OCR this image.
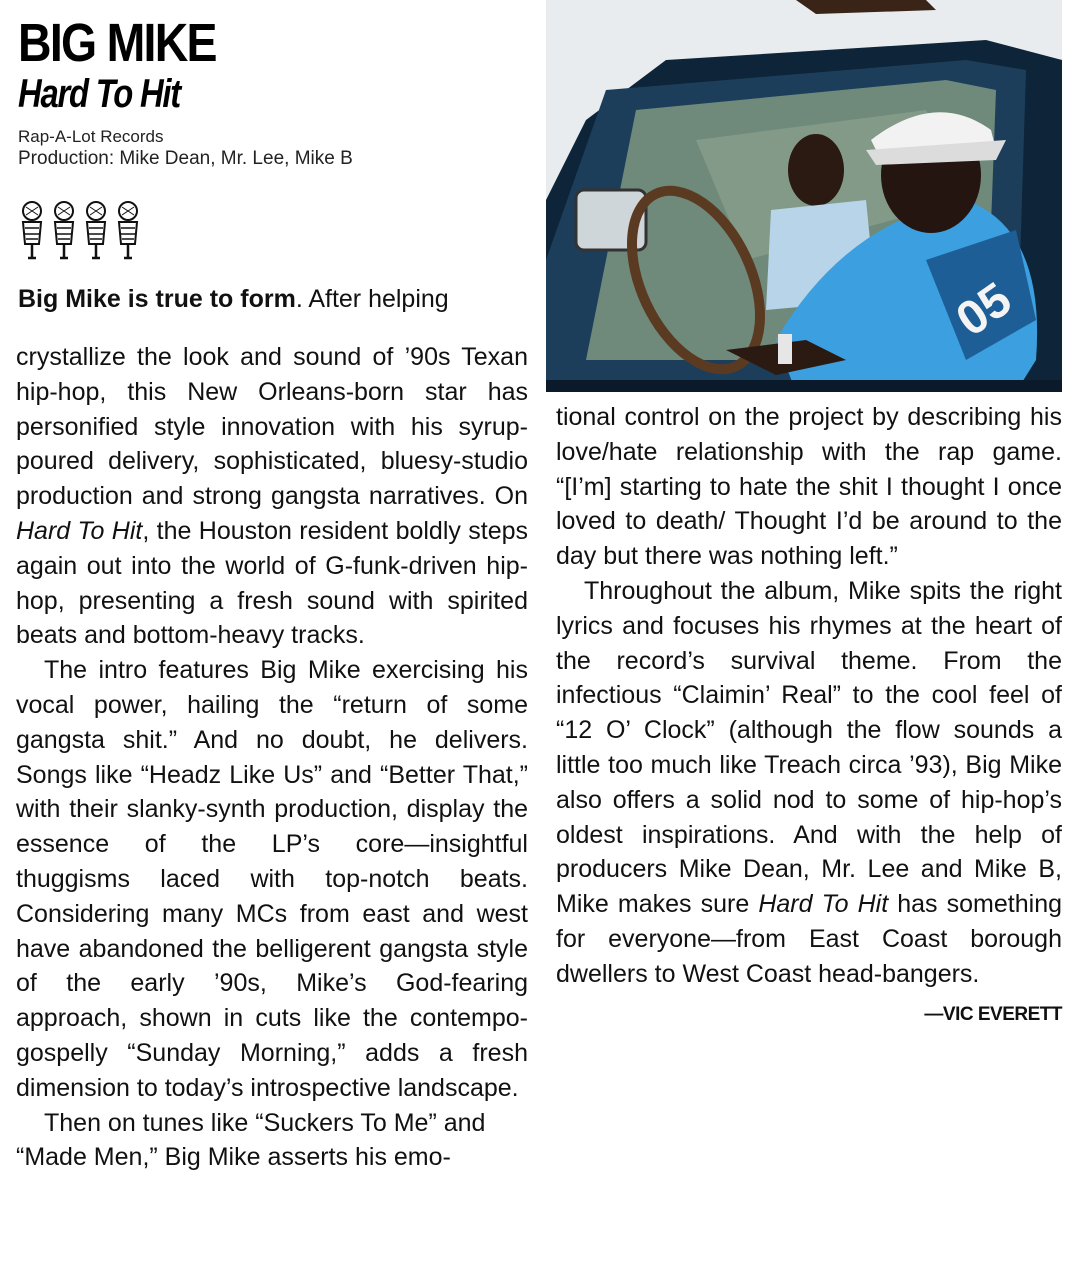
BIG MIKE
Hard To Hit
Rap-A-Lot Records
Production: Mike Dean, Mr. Lee, Mike B

Big Mike is true to form. After helping

crystallize the look and sound of ’90s Texan hip-hop, this New Orleans-born star has personified style innovation with his syrup-poured delivery, sophisticated, bluesy-studio production and strong gangsta narratives. On Hard To Hit, the Houston resident boldly steps again out into the world of G-funk-driven hip-hop, presenting a fresh sound with spirited beats and bottom-heavy tracks.

The intro features Big Mike exercising his vocal power, hailing the “return of some gangsta shit.” And no doubt, he delivers. Songs like “Headz Like Us” and “Better That,” with their slanky-synth production, display the essence of the LP’s core—insightful thuggisms laced with top-notch beats. Considering many MCs from east and west have abandoned the belligerent gangsta style of the early ’90s, Mike’s God-fearing approach, shown in cuts like the contempo-gospelly “Sunday Morning,” adds a fresh dimension to today’s introspective landscape.

Then on tunes like “Suckers To Me” and “Made Men,” Big Mike asserts his emo-

05

tional control on the project by describing his love/hate relationship with the rap game. “[I’m] starting to hate the shit I thought I once loved to death/ Thought I’d be around to the day but there was nothing left.”

Throughout the album, Mike spits the right lyrics and focuses his rhymes at the heart of the record’s survival theme. From the infectious “Claimin’ Real” to the cool feel of “12 O’ Clock” (although the flow sounds a little too much like Treach circa ’93), Big Mike also offers a solid nod to some of hip-hop’s oldest inspirations. And with the help of producers Mike Dean, Mr. Lee and Mike B, Mike makes sure Hard To Hit has something for everyone—from East Coast borough dwellers to West Coast head-bangers.
—VIC EVERETT
